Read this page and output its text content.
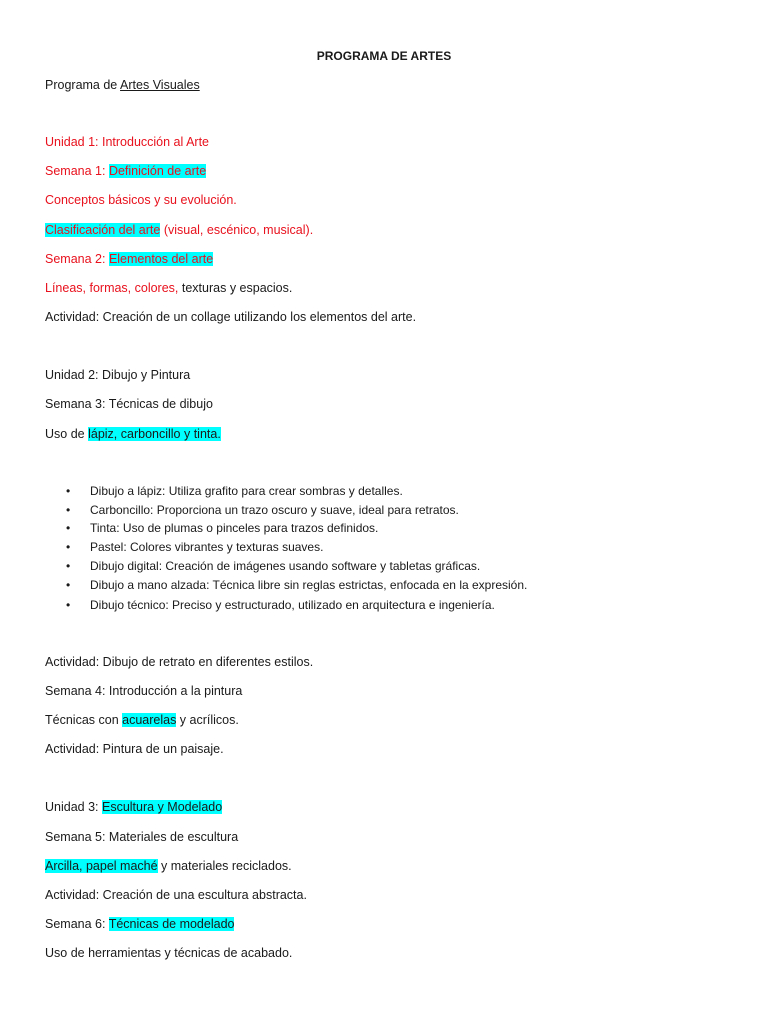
PROGRAMA DE ARTES
Programa de Artes Visuales
Unidad 1: Introducción al Arte
Semana 1: Definición de arte
Conceptos básicos y su evolución.
Clasificación del arte (visual, escénico, musical).
Semana 2: Elementos del arte
Líneas, formas, colores, texturas y espacios.
Actividad: Creación de un collage utilizando los elementos del arte.
Unidad 2: Dibujo y Pintura
Semana 3: Técnicas de dibujo
Uso de lápiz, carboncillo y tinta.
• Dibujo a lápiz: Utiliza grafito para crear sombras y detalles.
• Carboncillo: Proporciona un trazo oscuro y suave, ideal para retratos.
• Tinta: Uso de plumas o pinceles para trazos definidos.
• Pastel: Colores vibrantes y texturas suaves.
• Dibujo digital: Creación de imágenes usando software y tabletas gráficas.
• Dibujo a mano alzada: Técnica libre sin reglas estrictas, enfocada en la expresión.
• Dibujo técnico: Preciso y estructurado, utilizado en arquitectura e ingeniería.
Actividad: Dibujo de retrato en diferentes estilos.
Semana 4: Introducción a la pintura
Técnicas con acuarelas y acrílicos.
Actividad: Pintura de un paisaje.
Unidad 3: Escultura y Modelado
Semana 5: Materiales de escultura
Arcilla, papel maché y materiales reciclados.
Actividad: Creación de una escultura abstracta.
Semana 6: Técnicas de modelado
Uso de herramientas y técnicas de acabado.
